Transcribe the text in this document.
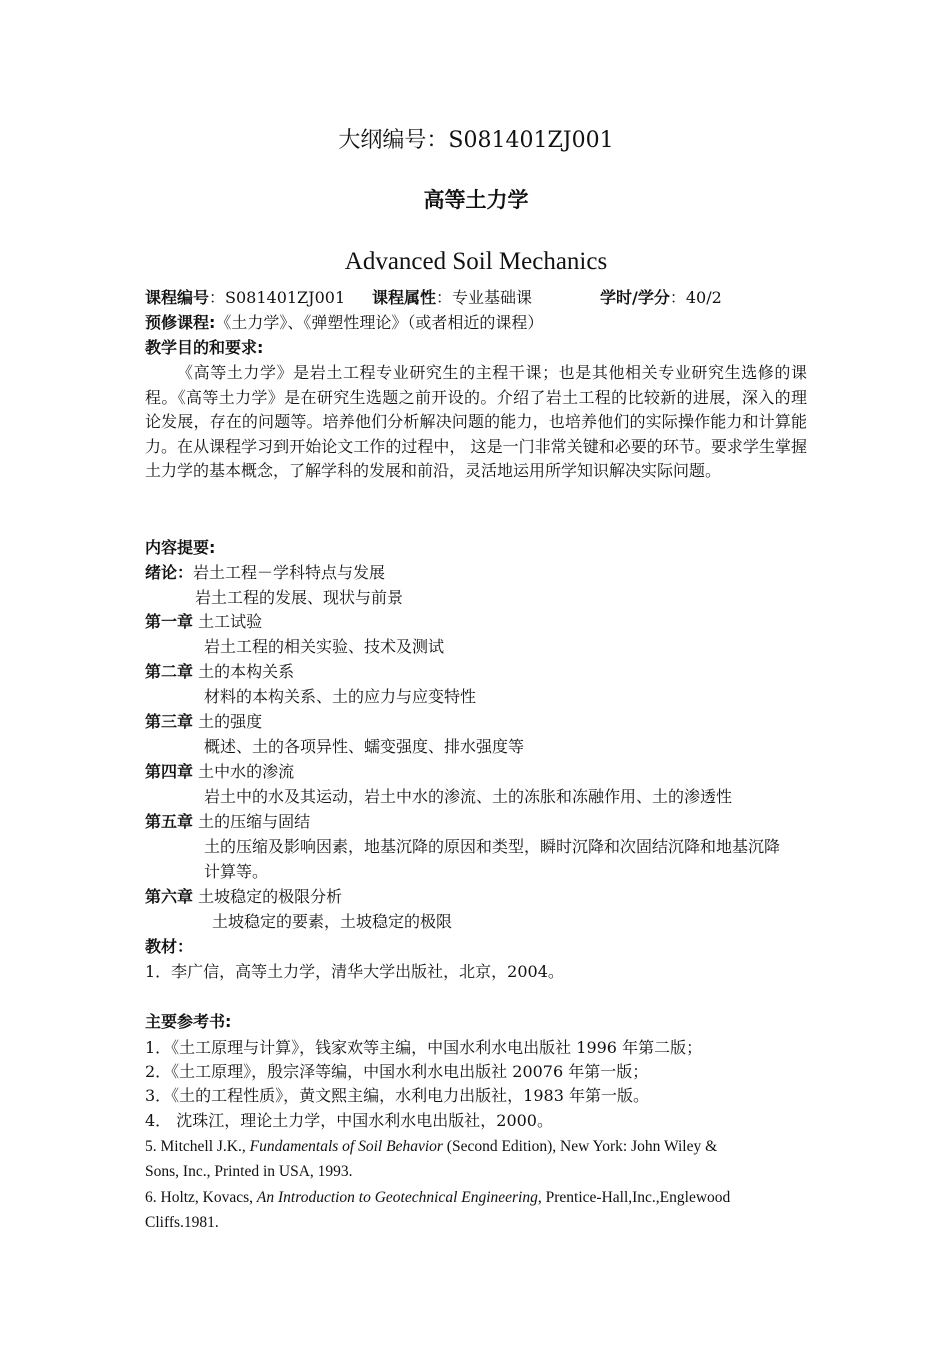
大纲编号：S081401ZJ001
高等土力学
Advanced Soil Mechanics
课程编号：S081401ZJ001 课程属性：专业基础课	学时/学分：40/2
预修课程:《土力学》、《弹塑性理论》（或者相近的课程）
教学目的和要求:

《高等土力学》是岩土工程专业研究生的主程干课；也是其他相关专业研究生选修的课程。《高等土力学》是在研究生选题之前开设的。介绍了岩土工程的比较新的进展，深入的理论发展，存在的问题等。培养他们分析解决问题的能力，也培养他们的实际操作能力和计算能力。在从课程学习到开始论文工作的过程中， 这是一门非常关键和必要的环节。要求学生掌握土力学的基本概念，了解学科的发展和前沿，灵活地运用所学知识解决实际问题。

内容提要:
绪论：岩土工程－学科特点与发展
岩土工程的发展、现状与前景
第一章 土工试验
岩土工程的相关实验、技术及测试
第二章 土的本构关系
材料的本构关系、土的应力与应变特性
第三章 土的强度
概述、土的各项异性、蠕变强度、排水强度等
第四章 土中水的渗流
岩土中的水及其运动，岩土中水的渗流、土的冻胀和冻融作用、土的渗透性
第五章 土的压缩与固结
土的压缩及影响因素，地基沉降的原因和类型，瞬时沉降和次固结沉降和地基沉降
计算等。
第六章 土坡稳定的极限分析
土坡稳定的要素，土坡稳定的极限
教材：
1．李广信，高等土力学，清华大学出版社，北京，2004。
主要参考书:
1．《土工原理与计算》，钱家欢等主编，中国水利水电出版社 1996 年第二版；
2．《土工原理》，殷宗泽等编，中国水利水电出版社 20076 年第一版；
3．《土的工程性质》，黄文熙主编，水利电力出版社，1983 年第一版。
4． 沈珠江，理论土力学，中国水利水电出版社，2000。
5. Mitchell J.K., Fundamentals of Soil Behavior (Second Edition), New York: John Wiley &
Sons, Inc., Printed in USA, 1993.
6. Holtz, Kovacs, An Introduction to Geotechnical Engineering, Prentice-Hall,Inc.,Englewood
Cliffs.1981.
